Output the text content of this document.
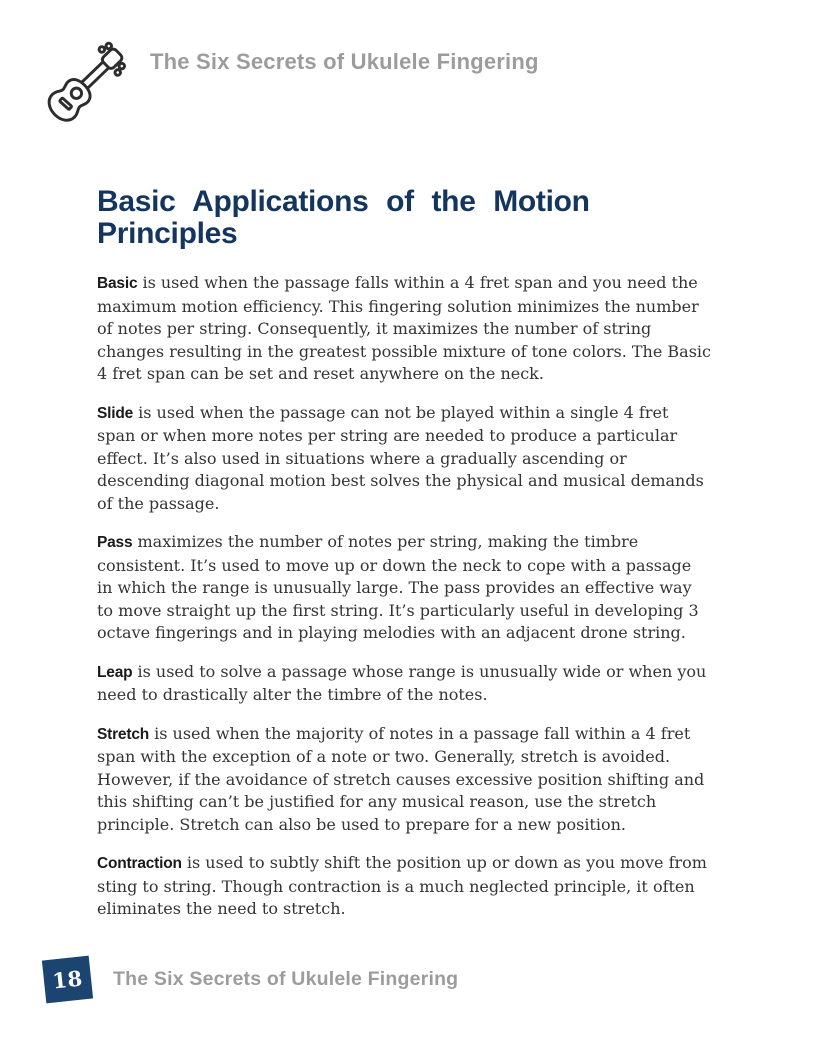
The Six Secrets of Ukulele Fingering
Basic Applications of the Motion Principles

Basic is used when the passage falls within a 4 fret span and you need the maximum motion efficiency. This fingering solution minimizes the number of notes per string. Consequently, it maximizes the number of string changes resulting in the greatest possible mixture of tone colors. The Basic 4 fret span can be set and reset anywhere on the neck.

Slide is used when the passage can not be played within a single 4 fret span or when more notes per string are needed to produce a particular effect. It’s also used in situations where a gradually ascending or descending diagonal motion best solves the physical and musical demands of the passage.

Pass maximizes the number of notes per string, making the timbre consistent. It’s used to move up or down the neck to cope with a passage in which the range is unusually large. The pass provides an effective way to move straight up the first string. It’s particularly useful in developing 3 octave fingerings and in playing melodies with an adjacent drone string.

Leap is used to solve a passage whose range is unusually wide or when you need to drastically alter the timbre of the notes.

Stretch is used when the majority of notes in a passage fall within a 4 fret span with the exception of a note or two. Generally, stretch is avoided. However, if the avoidance of stretch causes excessive position shifting and this shifting can’t be justified for any musical reason, use the stretch principle. Stretch can also be used to prepare for a new position.

Contraction is used to subtly shift the position up or down as you move from sting to string. Though contraction is a much neglected principle, it often eliminates the need to stretch.

18 The Six Secrets of Ukulele Fingering
